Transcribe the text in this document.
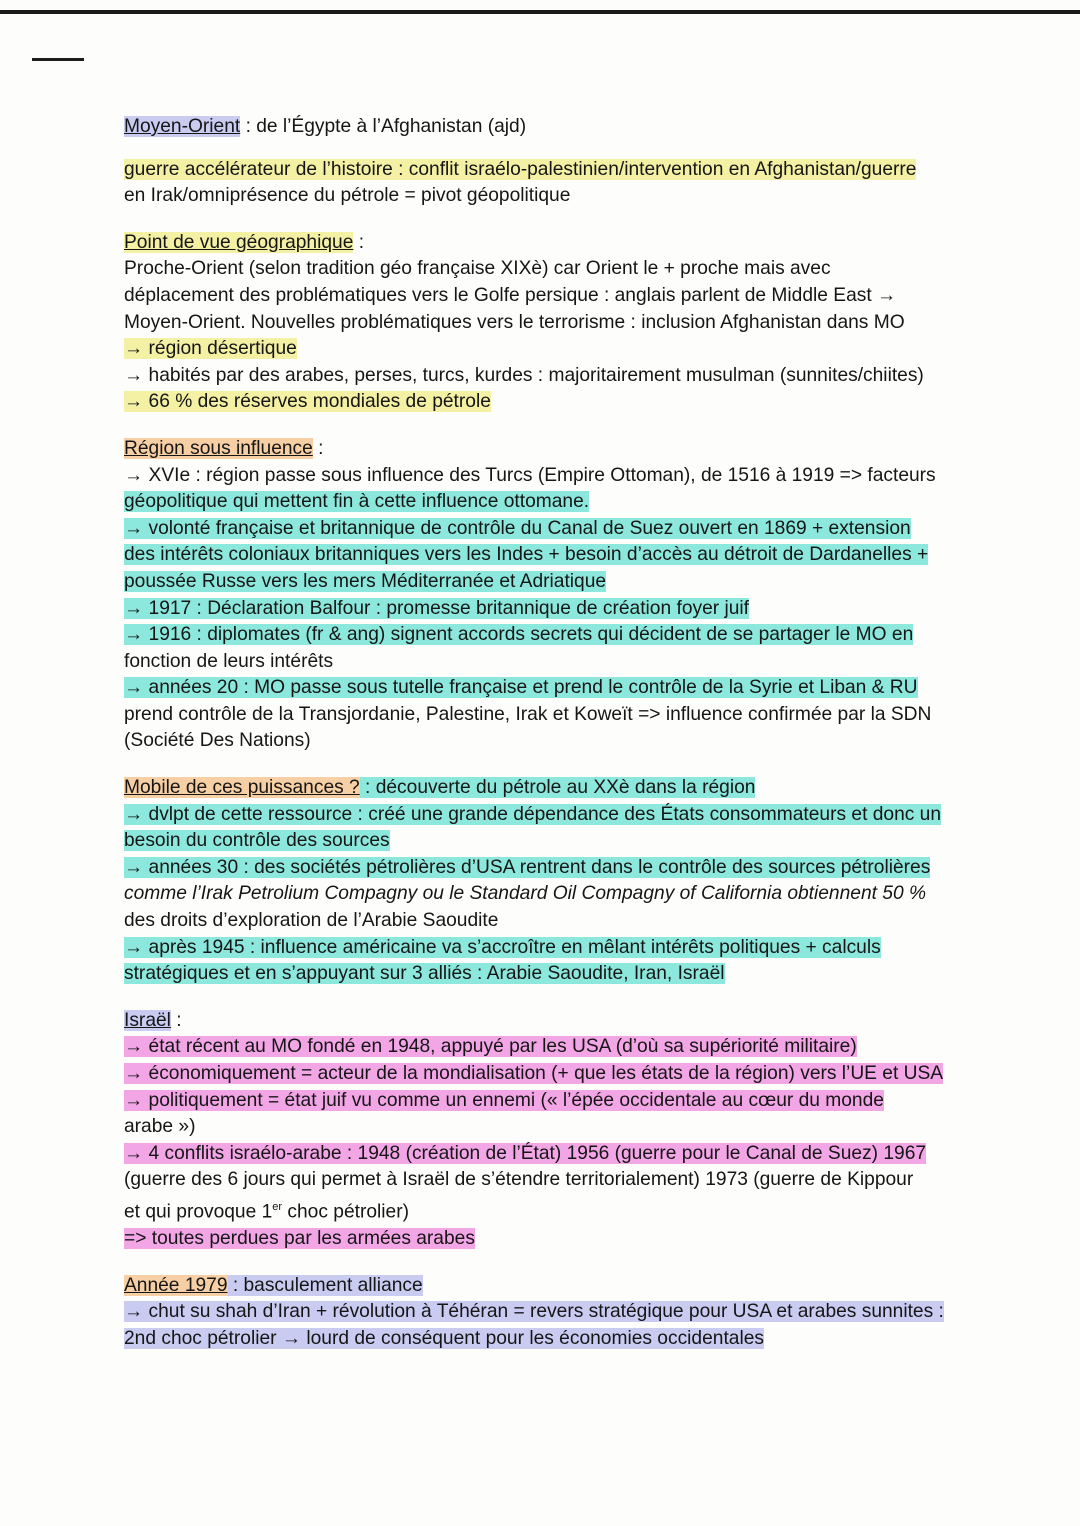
Moyen-Orient : de l’Égypte à l’Afghanistan (ajd)
guerre accélérateur de l’histoire : conflit israélo-palestinien/intervention en Afghanistan/guerre
en Irak/omniprésence du pétrole = pivot géopolitique
Point de vue géographique :
Proche-Orient (selon tradition géo française XIXè) car Orient le + proche mais avec
déplacement des problématiques vers le Golfe persique : anglais parlent de Middle East →
Moyen-Orient. Nouvelles problématiques vers le terrorisme : inclusion Afghanistan dans MO
→ région désertique
→ habités par des arabes, perses, turcs, kurdes : majoritairement musulman (sunnites/chiites)
→ 66 % des réserves mondiales de pétrole
Région sous influence :
→ XVIe : région passe sous influence des Turcs (Empire Ottoman), de 1516 à 1919 => facteurs
géopolitique qui mettent fin à cette influence ottomane.
→ volonté française et britannique de contrôle du Canal de Suez ouvert en 1869 + extension
des intérêts coloniaux britanniques vers les Indes + besoin d’accès au détroit de Dardanelles +
poussée Russe vers les mers Méditerranée et Adriatique
→ 1917 : Déclaration Balfour : promesse britannique de création foyer juif
→ 1916 : diplomates (fr & ang) signent accords secrets qui décident de se partager le MO en
fonction de leurs intérêts
→ années 20 : MO passe sous tutelle française et prend le contrôle de la Syrie et Liban & RU
prend contrôle de la Transjordanie, Palestine, Irak et Koweït => influence confirmée par la SDN
(Société Des Nations)
Mobile de ces puissances ? : découverte du pétrole au XXè dans la région
→ dvlpt de cette ressource : créé une grande dépendance des États consommateurs et donc un
besoin du contrôle des sources
→ années 30 : des sociétés pétrolières d’USA rentrent dans le contrôle des sources pétrolières
comme l’Irak Petrolium Compagny ou le Standard Oil Compagny of California obtiennent 50 %
des droits d’exploration de l’Arabie Saoudite
→ après 1945 : influence américaine va s’accroître en mêlant intérêts politiques + calculs
stratégiques et en s’appuyant sur 3 alliés : Arabie Saoudite, Iran, Israël
Israël :
→ état récent au MO fondé en 1948, appuyé par les USA (d’où sa supériorité militaire)
→ économiquement = acteur de la mondialisation (+ que les états de la région) vers l’UE et USA
→ politiquement = état juif vu comme un ennemi (« l’épée occidentale au cœur du monde
arabe »)
→ 4 conflits israélo-arabe : 1948 (création de l’État) 1956 (guerre pour le Canal de Suez) 1967
(guerre des 6 jours qui permet à Israël de s’étendre territorialement) 1973 (guerre de Kippour
et qui provoque 1er choc pétrolier)
=> toutes perdues par les armées arabes
Année 1979 : basculement alliance
→ chut su shah d’Iran + révolution à Téhéran = revers stratégique pour USA et arabes sunnites :
2nd choc pétrolier → lourd de conséquent pour les économies occidentales
